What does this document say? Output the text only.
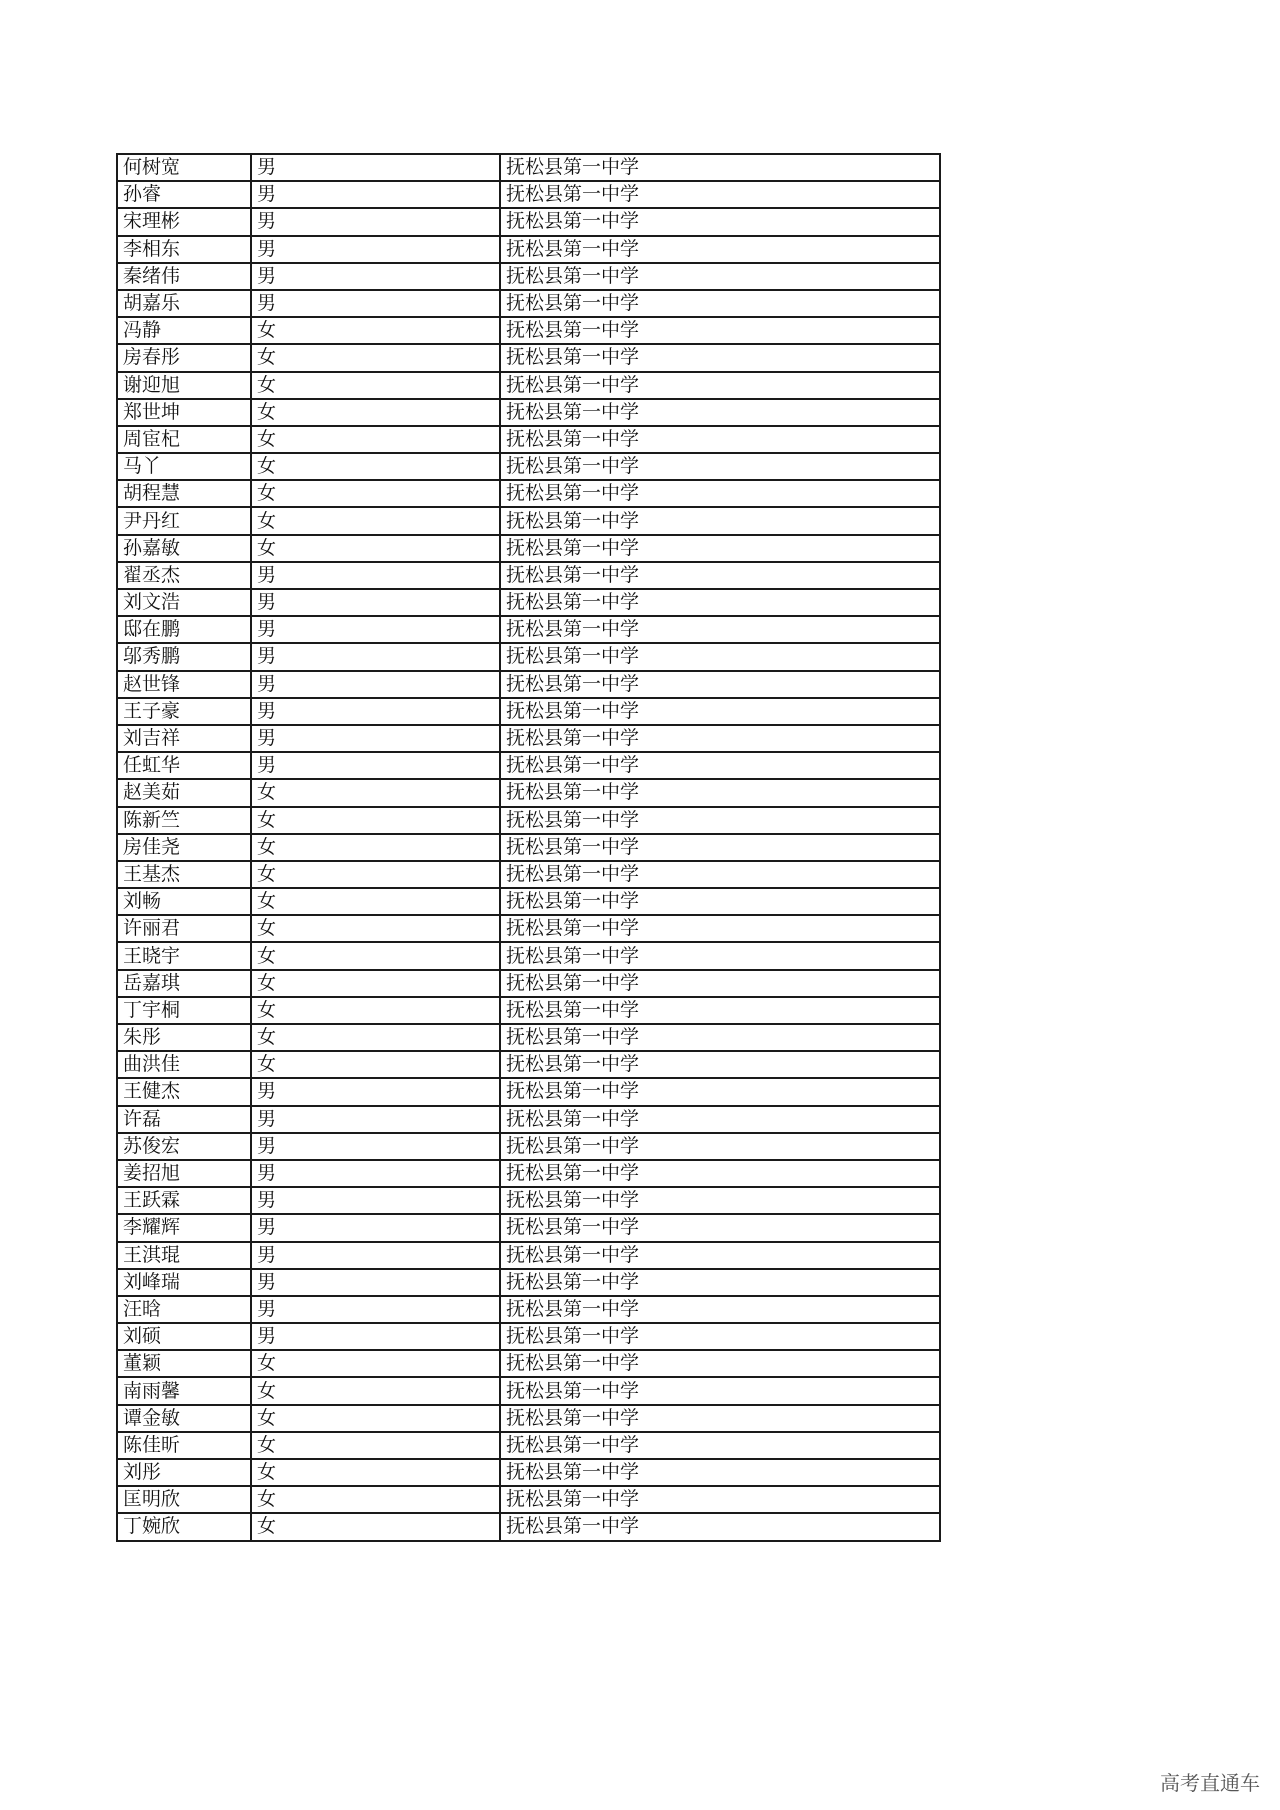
何树宽	男	抚松县第一中学
孙睿	男	抚松县第一中学
宋理彬	男	抚松县第一中学
李相东	男	抚松县第一中学
秦绪伟	男	抚松县第一中学
胡嘉乐	男	抚松县第一中学
冯静	女	抚松县第一中学
房春彤	女	抚松县第一中学
谢迎旭	女	抚松县第一中学
郑世坤	女	抚松县第一中学
周宦杞	女	抚松县第一中学
马丫	女	抚松县第一中学
胡程慧	女	抚松县第一中学
尹丹红	女	抚松县第一中学
孙嘉敏	女	抚松县第一中学
翟丞杰	男	抚松县第一中学
刘文浩	男	抚松县第一中学
邸在鹏	男	抚松县第一中学
邬秀鹏	男	抚松县第一中学
赵世锋	男	抚松县第一中学
王子豪	男	抚松县第一中学
刘吉祥	男	抚松县第一中学
任虹华	男	抚松县第一中学
赵美茹	女	抚松县第一中学
陈新竺	女	抚松县第一中学
房佳尧	女	抚松县第一中学
王基杰	女	抚松县第一中学
刘畅	女	抚松县第一中学
许丽君	女	抚松县第一中学
王晓宇	女	抚松县第一中学
岳嘉琪	女	抚松县第一中学
丁宇桐	女	抚松县第一中学
朱彤	女	抚松县第一中学
曲洪佳	女	抚松县第一中学
王健杰	男	抚松县第一中学
许磊	男	抚松县第一中学
苏俊宏	男	抚松县第一中学
姜招旭	男	抚松县第一中学
王跃霖	男	抚松县第一中学
李耀辉	男	抚松县第一中学
王淇琨	男	抚松县第一中学
刘峰瑞	男	抚松县第一中学
汪晗	男	抚松县第一中学
刘硕	男	抚松县第一中学
董颖	女	抚松县第一中学
南雨馨	女	抚松县第一中学
谭金敏	女	抚松县第一中学
陈佳昕	女	抚松县第一中学
刘彤	女	抚松县第一中学
匡明欣	女	抚松县第一中学
丁婉欣	女	抚松县第一中学
高考直通车
